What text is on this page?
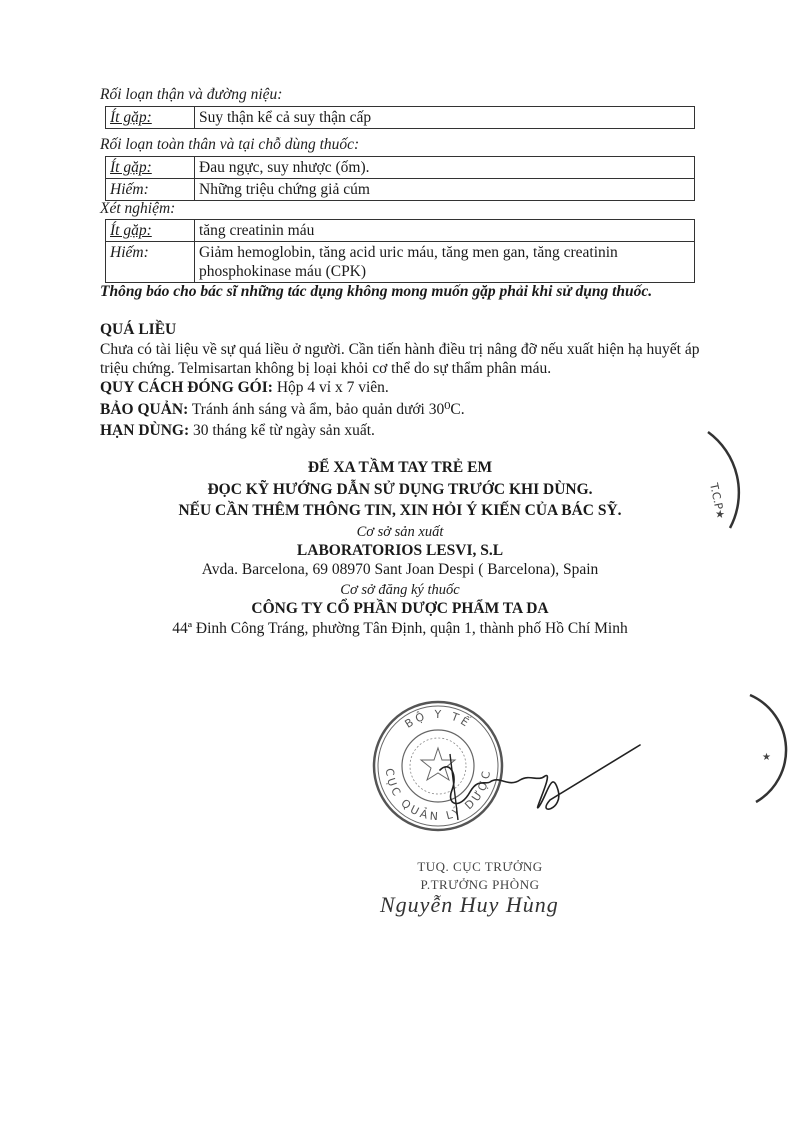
Rối loạn thận và đường niệu:
Ít gặp:	Suy thận kể cả suy thận cấp
Rối loạn toàn thân và tại chỗ dùng thuốc:
Ít gặp:	Đau ngực, suy nhược (ốm).
Hiếm:	Những triệu chứng giả cúm
Xét nghiệm:
Ít gặp:	tăng creatinin máu
Hiếm:	Giảm hemoglobin, tăng acid uric máu, tăng men gan, tăng creatinin phosphokinase máu (CPK)
Thông báo cho bác sĩ những tác dụng không mong muốn gặp phải khi sử dụng thuốc.
QUÁ LIỀU
Chưa có tài liệu về sự quá liều ở người. Cần tiến hành điều trị nâng đỡ nếu xuất hiện hạ huyết áp triệu chứng. Telmisartan không bị loại khỏi cơ thể do sự thẩm phân máu.
QUY CÁCH ĐÓNG GÓI: Hộp 4 vỉ x 7 viên.
BẢO QUẢN: Tránh ánh sáng và ẩm, bảo quản dưới 30⁰C.
HẠN DÙNG: 30 tháng kể từ ngày sản xuất.
ĐỂ XA TẦM TAY TRẺ EM
ĐỌC KỸ HƯỚNG DẪN SỬ DỤNG TRƯỚC KHI DÙNG.
NẾU CẦN THÊM THÔNG TIN, XIN HỎI Ý KIẾN CỦA BÁC SỸ.
Cơ sở sản xuất
LABORATORIOS LESVI, S.L
Avda. Barcelona, 69 08970 Sant Joan Despi ( Barcelona), Spain
Cơ sở đăng ký thuốc
CÔNG TY CỔ PHẦN DƯỢC PHẨM TA DA
44ª Đinh Công Tráng, phường Tân Định, quận 1, thành phố Hồ Chí Minh
T.C.P★
★
BỘ Y TẾ
CỤC QUẢN LÝ DƯỢC
TUQ. CỤC TRƯỞNG
P.TRƯỞNG PHÒNG
Nguyễn Huy Hùng
